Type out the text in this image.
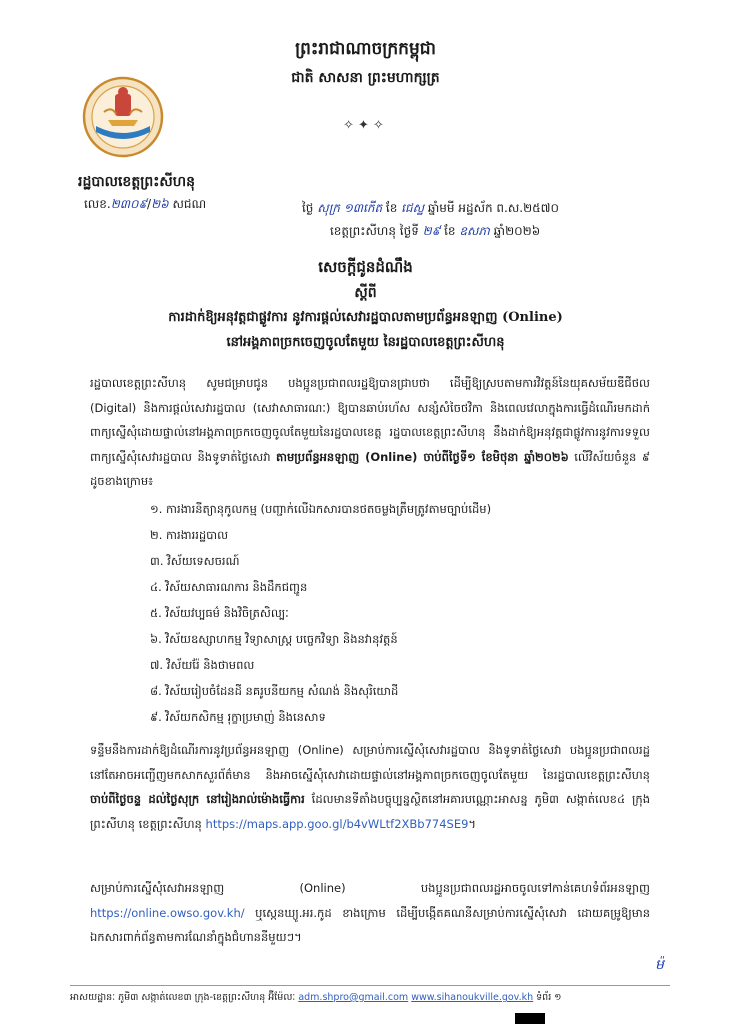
ព្រះរាជាណាចក្រកម្ពុជា
ជាតិ សាសនា ព្រះមហាក្សត្រ
✧✦✧
រដ្ឋបាលខេត្តព្រះសីហនុ
លេខ.២៣០៩/២៦ សជណ	ថ្ងៃ សុក្រ ១៣កើត ខែ ជេស្ឋ ឆ្នាំមមី អដ្ឋស័ក ព.ស.២៥៧០
ខេត្តព្រះសីហនុ ថ្ងៃទី ២៩ ខែ ឧសភា ឆ្នាំ២០២៦
សេចក្តីជូនដំណឹង
ស្តីពី
ការដាក់ឱ្យអនុវត្តជាផ្លូវការ នូវការផ្តល់សេវារដ្ឋបាលតាមប្រព័ន្ធអនឡាញ (Online)
នៅអង្គភាពច្រកចេញចូលតែមួយ នៃរដ្ឋបាលខេត្តព្រះសីហនុ
រដ្ឋបាលខេត្តព្រះសីហនុ សូមជម្រាបជូន បងប្អូនប្រជាពលរដ្ឋឱ្យបានជ្រាបថា ដើម្បីឱ្យស្របតាមការវិវត្តន៍នៃយុគសម័យឌីជីថល (Digital) និងការផ្តល់សេវារដ្ឋបាល (សេវាសាធារណៈ) ឱ្យបានឆាប់រហ័ស សន្សំសំចៃថវិកា និងពេលវេលាក្នុងការធ្វើដំណើរមកដាក់ពាក្យស្នើសុំដោយផ្ទាល់នៅអង្គភាពច្រកចេញចូលតែមួយនៃរដ្ឋបាលខេត្ត រដ្ឋបាលខេត្តព្រះសីហនុ នឹងដាក់ឱ្យអនុវត្តជាផ្លូវការនូវការទទួលពាក្យស្នើសុំសេវារដ្ឋបាល និងទូទាត់ថ្លៃសេវា តាមប្រព័ន្ធអនឡាញ (Online) ចាប់ពីថ្ងៃទី១ ខែមិថុនា ឆ្នាំ២០២៦ លើវិស័យចំនួន ៩ ដូចខាងក្រោម៖
១. ការងារនីត្យានុកូលកម្ម (បញ្ជាក់លើឯកសារបានថតចម្លងត្រឹមត្រូវតាមច្បាប់ដើម)
២. ការងាររដ្ឋបាល
៣. វិស័យទេសចរណ៍
៤. វិស័យសាធារណការ និងដឹកជញ្ជូន
៥. វិស័យវប្បធម៌ និងវិចិត្រសិល្បៈ
៦. វិស័យឧស្សាហកម្ម វិទ្យាសាស្ត្រ បច្ចេកវិទ្យា និងនវានុវត្តន៍
៧. វិស័យរ៉ែ និងថាមពល
៨. វិស័យរៀបចំដែនដី នគរូបនីយកម្ម សំណង់ និងសុរិយោដី
៩. វិស័យកសិកម្ម រុក្ខាប្រមាញ់ និងនេសាទ
ទន្ទឹមនឹងការដាក់ឱ្យដំណើរការនូវប្រព័ន្ធអនឡាញ (Online) សម្រាប់ការស្នើសុំសេវារដ្ឋបាល និងទូទាត់ថ្លៃសេវា បងប្អូនប្រជាពលរដ្ឋនៅតែអាចអញ្ជើញមកសាកសួរព័ត៌មាន និងអាចស្នើសុំសេវាដោយផ្ទាល់នៅអង្គភាពច្រកចេញចូលតែមួយ នៃរដ្ឋបាលខេត្តព្រះសីហនុ ចាប់ពីថ្ងៃចន្ទ ដល់ថ្ងៃសុក្រ នៅរៀងរាល់ម៉ោងធ្វើការ ដែលមានទីតាំងបច្ចុប្បន្នស្ថិតនៅអគារបណ្ណោះអាសន្ន ភូមិ៣ សង្កាត់លេខ៤ ក្រុងព្រះសីហនុ ខេត្តព្រះសីហនុ https://maps.app.goo.gl/b4vWLtf2XBb774SE9។
សម្រាប់ការស្នើសុំសេវាអនឡាញ (Online) បងប្អូនប្រជាពលរដ្ឋអាចចូលទៅកាន់គេហទំព័រអនឡាញ https://online.owso.gov.kh/ ឬស្កេនឃ្យូ.អរ.កូដ ខាងក្រោម ដើម្បីបង្កើតគណនីសម្រាប់ការស្នើសុំសេវា ដោយគម្រូឱ្យមានឯកសារពាក់ព័ន្ធតាមការណែនាំក្នុងជំហាននីមួយៗ។
ម៉
អាសយដ្ឋានៈ ភូមិ៣ សង្កាត់លេខ៣ ក្រុង-ខេត្តព្រះសីហនុ អ៊ីម៉ែលៈ adm.shpro@gmail.com www.sihanoukville.gov.kh ទំព័រ ១
